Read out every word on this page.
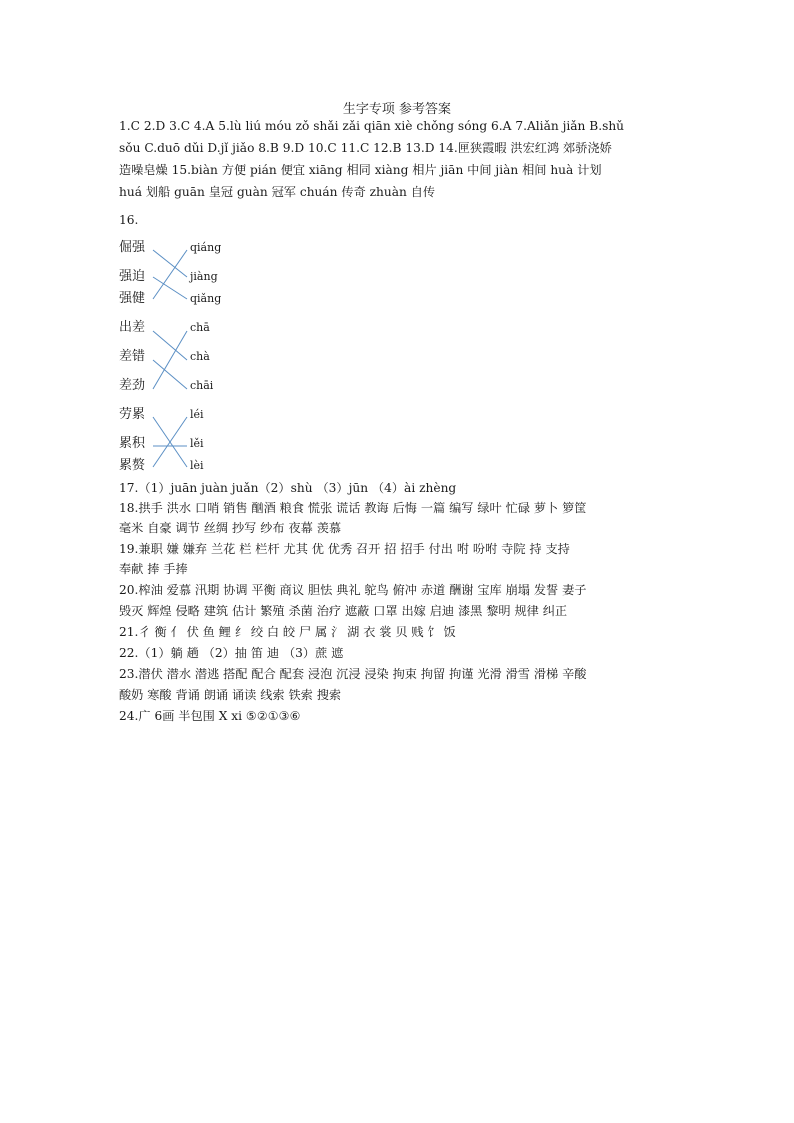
生字专项 参考答案
1.C 2.D 3.C 4.A 5.lù liú móu zǒ shǎi zǎi qiān xiè chǒng sóng 6.A 7.Aliǎn jiǎn B.shǔ
sǒu C.duō dǔi D.jǐ jiǎo 8.B 9.D 10.C 11.C 12.B 13.D 14.匣狭霞暇 洪宏红鸿 郊骄浇娇
造噪皂燥 15.biàn 方便 pián 便宜 xiāng 相同 xiàng 相片 jiān 中间 jiàn 相间 huà 计划
huá 划船 guān 皇冠 guàn 冠军 chuán 传奇 zhuàn 自传
16.
倔强
强迫
强健
qiáng
jiàng
qiǎng
出差
差错
差劲
chā
chà
chāi
劳累
累积
累赘
léi
lěi
lèi
17.（1）juān juàn juǎn（2）shù （3）jūn （4）ài zhèng
18.拱手 洪水 口哨 销售 酗酒 粮食 慌张 谎话 教诲 后悔 一篇 编写 绿叶 忙碌 萝卜 箩筐
毫米 自豪 调节 丝绸 抄写 纱布 夜幕 羡慕
19.兼职 嫌 嫌弃 兰花 栏 栏杆 尤其 优 优秀 召开 招 招手 付出 咐 吩咐 寺院 持 支持
奉献 捧 手捧
20.榨油 爱慕 汛期 协调 平衡 商议 胆怯 典礼 鸵鸟 俯冲 赤道 酬谢 宝库 崩塌 发誓 妻子
毁灭 辉煌 侵略 建筑 估计 繁殖 杀菌 治疗 遮蔽 口罩 出嫁 启迪 漆黑 黎明 规律 纠正
21.彳 衡 亻 伏 鱼 鲤 纟 绞 白 皎 尸 属 氵 湖 衣 裳 贝 贱 饣 饭
22.（1）躺 趟 （2）抽 笛 迪 （3）蔗 遮
23.潜伏 潜水 潜逃 搭配 配合 配套 浸泡 沉浸 浸染 拘束 拘留 拘谨 光滑 滑雪 滑梯 辛酸
酸奶 寒酸 背诵 朗诵 诵读 线索 铁索 搜索
24.广 6画 半包围 X xi ⑤②①③⑥
